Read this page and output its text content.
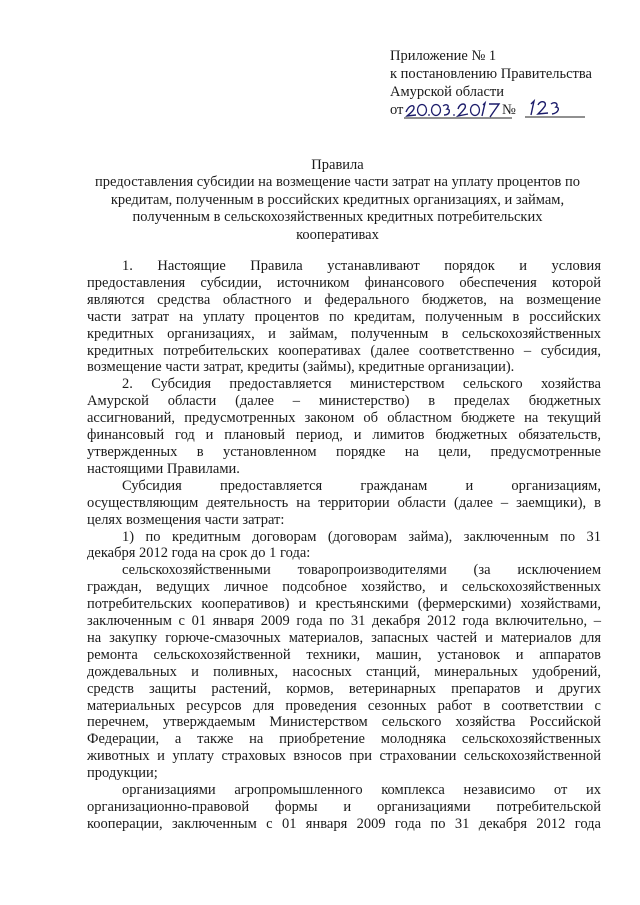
Приложение № 1
к постановлению Правительства
Амурской области
от	№
Правила
предоставления субсидии на возмещение части затрат на уплату процентов по
кредитам, полученным в российских кредитных организациях, и займам,
полученным в сельскохозяйственных кредитных потребительских
кооперативах
1. Настоящие Правила устанавливают порядок и условия
предоставления субсидии, источником финансового обеспечения которой
являются средства областного и федерального бюджетов, на возмещение
части затрат на уплату процентов по кредитам, полученным в российских
кредитных организациях, и займам, полученным в сельскохозяйственных
кредитных потребительских кооперативах (далее соответственно – субсидия,
возмещение части затрат, кредиты (займы), кредитные организации).
2. Субсидия предоставляется министерством сельского хозяйства
Амурской области (далее – министерство) в пределах бюджетных
ассигнований, предусмотренных законом об областном бюджете на текущий
финансовый год и плановый период, и лимитов бюджетных обязательств,
утвержденных в установленном порядке на цели, предусмотренные
настоящими Правилами.
Субсидия предоставляется гражданам и организациям,
осуществляющим деятельность на территории области (далее – заемщики), в
целях возмещения части затрат:
1) по кредитным договорам (договорам займа), заключенным по 31
декабря 2012 года на срок до 1 года:
сельскохозяйственными товаропроизводителями (за исключением
граждан, ведущих личное подсобное хозяйство, и сельскохозяйственных
потребительских кооперативов) и крестьянскими (фермерскими) хозяйствами,
заключенным с 01 января 2009 года по 31 декабря 2012 года включительно, –
на закупку горюче-смазочных материалов, запасных частей и материалов для
ремонта сельскохозяйственной техники, машин, установок и аппаратов
дождевальных и поливных, насосных станций, минеральных удобрений,
средств защиты растений, кормов, ветеринарных препаратов и других
материальных ресурсов для проведения сезонных работ в соответствии с
перечнем, утверждаемым Министерством сельского хозяйства Российской
Федерации, а также на приобретение молодняка сельскохозяйственных
животных и уплату страховых взносов при страховании сельскохозяйственной
продукции;
организациями агропромышленного комплекса независимо от их
организационно-правовой формы и организациями потребительской
кооперации, заключенным с 01 января 2009 года по 31 декабря 2012 года
